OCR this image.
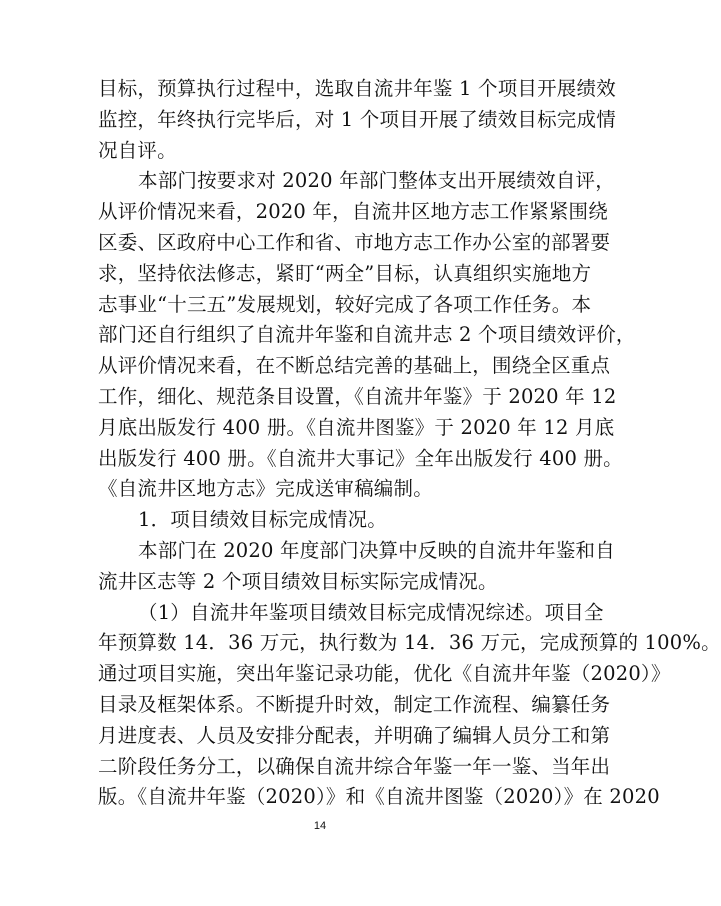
目标，预算执行过程中，选取自流井年鉴 1 个项目开展绩效
监控，年终执行完毕后，对 1 个项目开展了绩效目标完成情
况自评。
本部门按要求对 2020 年部门整体支出开展绩效自评，
从评价情况来看，2020 年，自流井区地方志工作紧紧围绕
区委、区政府中心工作和省、市地方志工作办公室的部署要
求，坚持依法修志，紧盯“两全”目标，认真组织实施地方
志事业“十三五”发展规划，较好完成了各项工作任务。本
部门还自行组织了自流井年鉴和自流井志 2 个项目绩效评价，
从评价情况来看，在不断总结完善的基础上，围绕全区重点
工作，细化、规范条目设置，《自流井年鉴》于 2020 年 12
月底出版发行 400 册。《自流井图鉴》于 2020 年 12 月底
出版发行 400 册。《自流井大事记》全年出版发行 400 册。
《自流井区地方志》完成送审稿编制。
1．项目绩效目标完成情况。
本部门在 2020 年度部门决算中反映的自流井年鉴和自
流井区志等 2 个项目绩效目标实际完成情况。
（1）自流井年鉴项目绩效目标完成情况综述。项目全
年预算数 14．36 万元，执行数为 14．36 万元，完成预算的 100%。
通过项目实施，突出年鉴记录功能，优化《自流井年鉴（2020）》
目录及框架体系。不断提升时效，制定工作流程、编纂任务
月进度表、人员及安排分配表，并明确了编辑人员分工和第
14
二阶段任务分工，以确保自流井综合年鉴一年一鉴、当年出
版。《自流井年鉴（2020）》和《自流井图鉴（2020）》在 2020
